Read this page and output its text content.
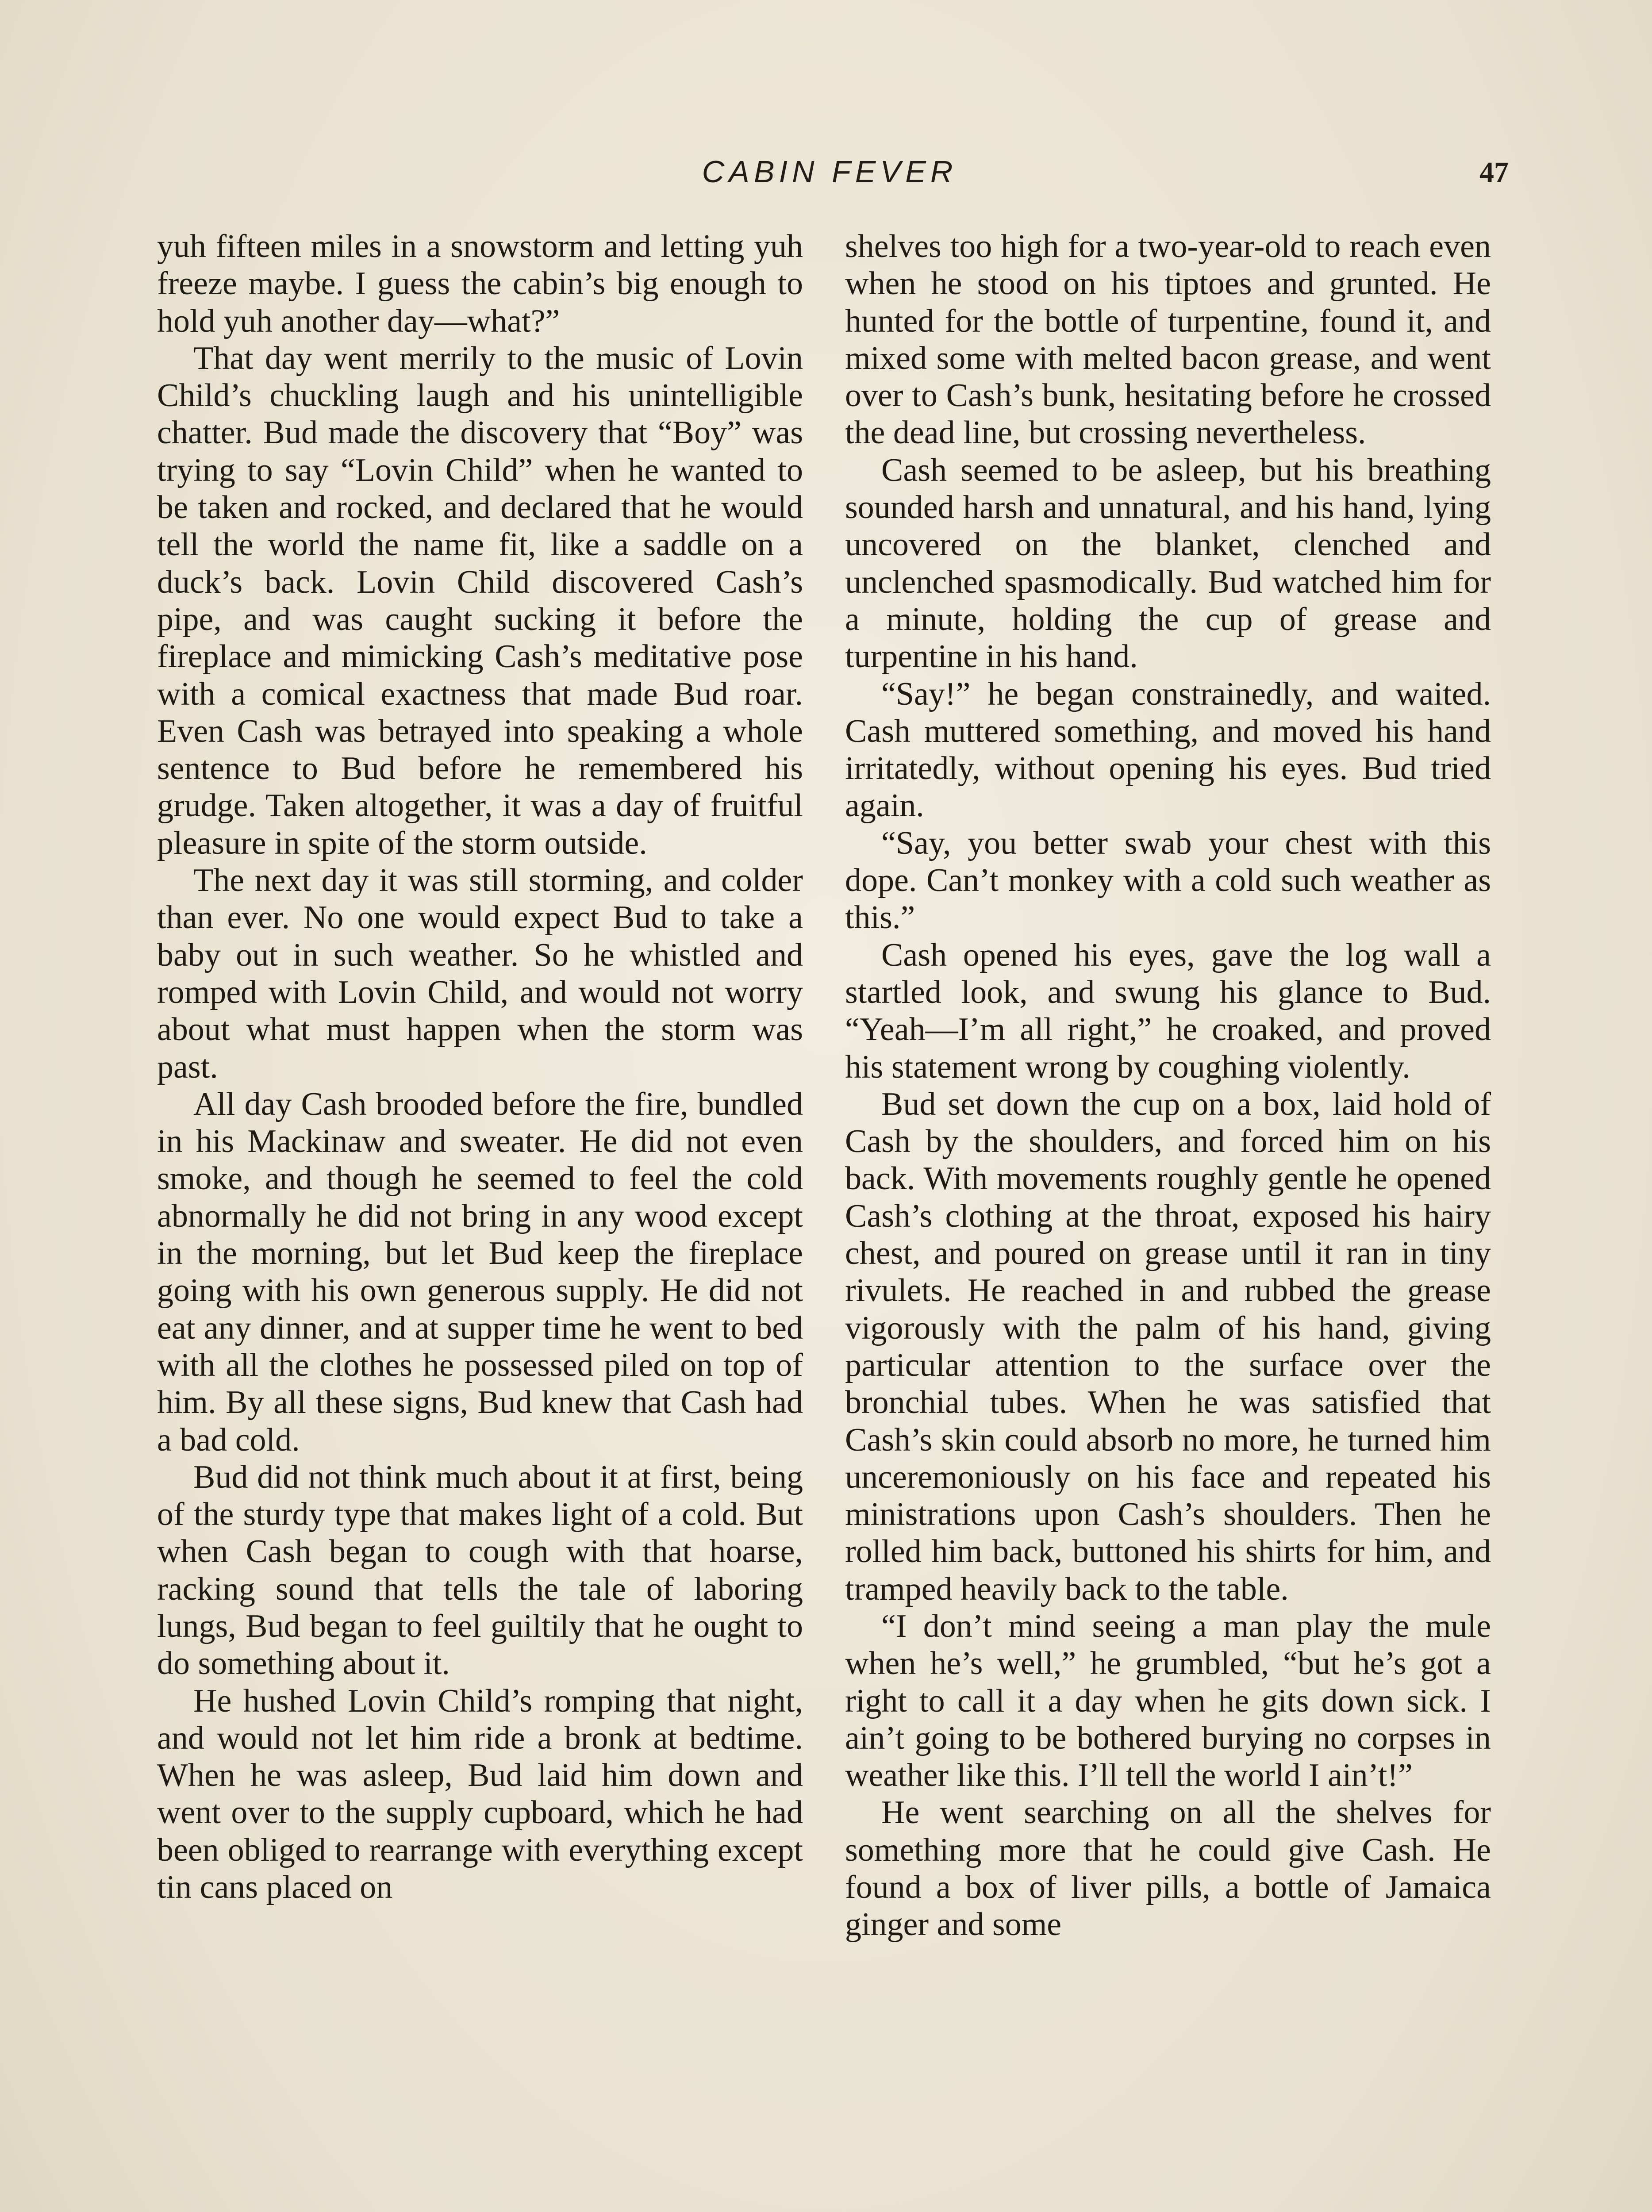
CABIN FEVER	47

yuh fifteen miles in a snowstorm and letting yuh freeze maybe. I guess the cabin’s big enough to hold yuh another day—what?”

That day went merrily to the music of Lovin Child’s chuckling laugh and his unintelligible chatter. Bud made the discovery that “Boy” was trying to say “Lovin Child” when he wanted to be taken and rocked, and declared that he would tell the world the name fit, like a saddle on a duck’s back. Lovin Child discovered Cash’s pipe, and was caught sucking it before the fireplace and mimicking Cash’s meditative pose with a comical exactness that made Bud roar. Even Cash was betrayed into speaking a whole sentence to Bud before he remembered his grudge. Taken altogether, it was a day of fruitful pleasure in spite of the storm outside.

The next day it was still storming, and colder than ever. No one would expect Bud to take a baby out in such weather. So he whistled and romped with Lovin Child, and would not worry about what must happen when the storm was past.

All day Cash brooded before the fire, bundled in his Mackinaw and sweater. He did not even smoke, and though he seemed to feel the cold abnormally he did not bring in any wood except in the morning, but let Bud keep the fireplace going with his own generous supply. He did not eat any dinner, and at supper time he went to bed with all the clothes he possessed piled on top of him. By all these signs, Bud knew that Cash had a bad cold.

Bud did not think much about it at first, being of the sturdy type that makes light of a cold. But when Cash began to cough with that hoarse, racking sound that tells the tale of laboring lungs, Bud began to feel guiltily that he ought to do something about it.

He hushed Lovin Child’s romping that night, and would not let him ride a bronk at bedtime. When he was asleep, Bud laid him down and went over to the supply cupboard, which he had been obliged to rearrange with everything except tin cans placed on

shelves too high for a two-year-old to reach even when he stood on his tiptoes and grunted. He hunted for the bottle of turpentine, found it, and mixed some with melted bacon grease, and went over to Cash’s bunk, hesitating before he crossed the dead line, but crossing nevertheless.

Cash seemed to be asleep, but his breathing sounded harsh and unnatural, and his hand, lying uncovered on the blanket, clenched and unclenched spasmodically. Bud watched him for a minute, holding the cup of grease and turpentine in his hand.

“Say!” he began constrainedly, and waited. Cash muttered something, and moved his hand irritatedly, without opening his eyes. Bud tried again.

“Say, you better swab your chest with this dope. Can’t monkey with a cold such weather as this.”

Cash opened his eyes, gave the log wall a startled look, and swung his glance to Bud. “Yeah—I’m all right,” he croaked, and proved his statement wrong by coughing violently.

Bud set down the cup on a box, laid hold of Cash by the shoulders, and forced him on his back. With movements roughly gentle he opened Cash’s clothing at the throat, exposed his hairy chest, and poured on grease until it ran in tiny rivulets. He reached in and rubbed the grease vigorously with the palm of his hand, giving particular attention to the surface over the bronchial tubes. When he was satisfied that Cash’s skin could absorb no more, he turned him unceremoniously on his face and repeated his ministrations upon Cash’s shoulders. Then he rolled him back, buttoned his shirts for him, and tramped heavily back to the table.

“I don’t mind seeing a man play the mule when he’s well,” he grumbled, “but he’s got a right to call it a day when he gits down sick. I ain’t going to be bothered burying no corpses in weather like this. I’ll tell the world I ain’t!”

He went searching on all the shelves for something more that he could give Cash. He found a box of liver pills, a bottle of Jamaica ginger and some
